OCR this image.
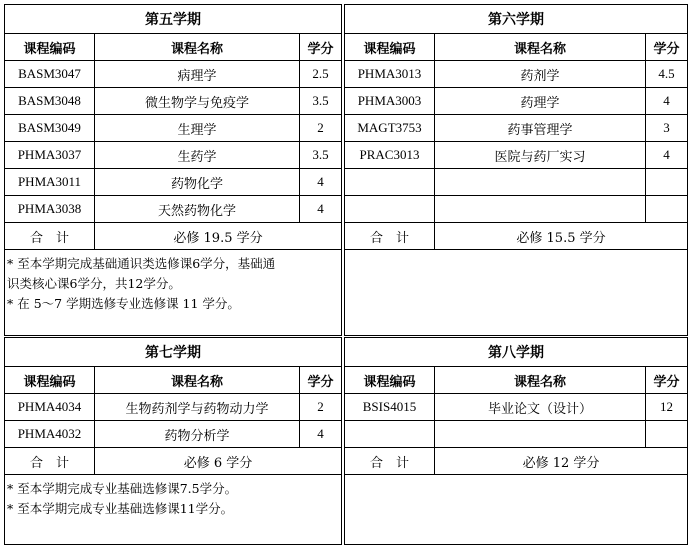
第五学期		
课程编码	课程名称	学分
BASM3047	病理学	2.5
BASM3048	微生物学与免疫学	3.5
BASM3049	生理学	2
PHMA3037	生药学	3.5
PHMA3011	药物化学	4
PHMA3038	天然药物化学	4
合　计	必修 19.5 学分	
* 至本学期完成基础通识类选修课6学分，基础通
识类核心课6学分，共12学分。
* 在 5～7 学期选修专业选修课 11 学分。
第六学期		
课程编码	课程名称	学分
PHMA3013	药剂学	4.5
PHMA3003	药理学	4
MAGT3753	药事管理学	3
PRAC3013	医院与药厂实习	4

合　计	必修 15.5 学分	
第七学期		
课程编码	课程名称	学分
PHMA4034	生物药剂学与药物动力学	2
PHMA4032	药物分析学	4
合　计	必修 6 学分	
* 至本学期完成专业基础选修课7.5学分。
* 至本学期完成专业基础选修课11学分。
第八学期		
课程编码	课程名称	学分
BSIS4015	毕业论文（设计）	12

合　计	必修 12 学分	
